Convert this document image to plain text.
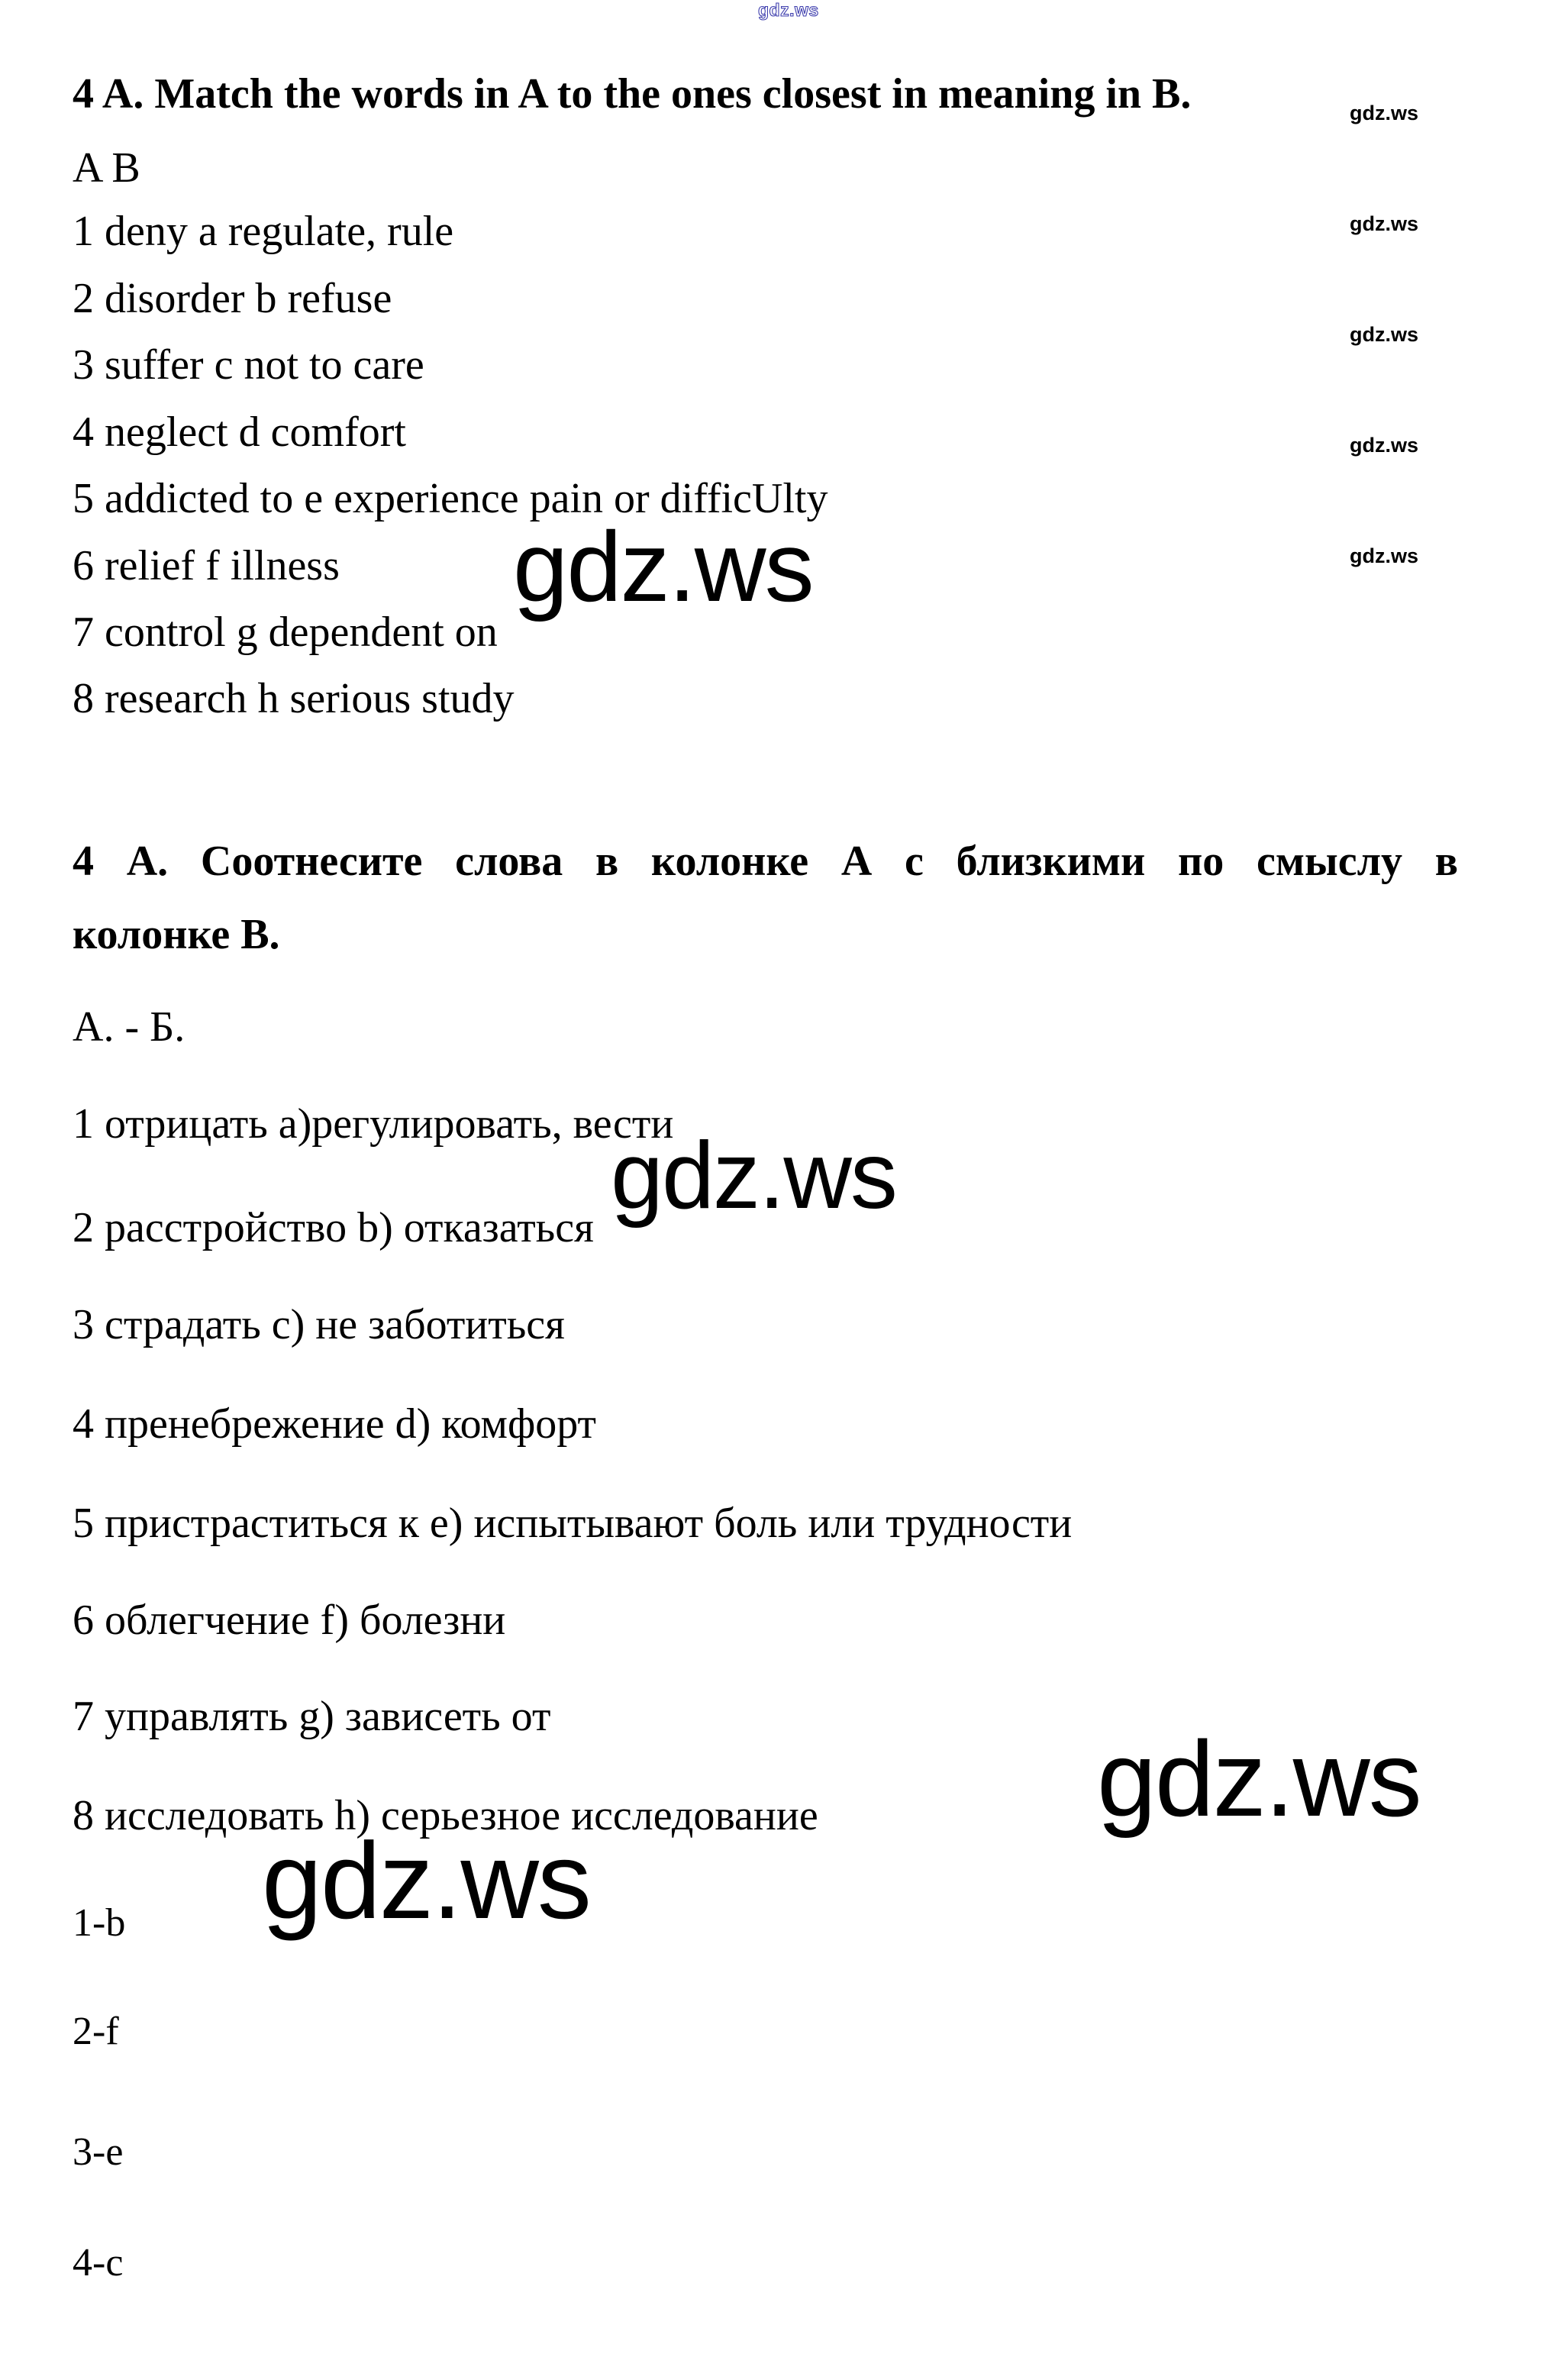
gdz.ws
gdz.ws
gdz.ws
gdz.ws
gdz.ws
gdz.ws
gdz.ws
gdz.ws
gdz.ws
gdz.ws
4 A. Match the words in A to the ones closest in meaning in B.
A B
1 deny a regulate, rule
2 disorder b refuse
3 suffer c not to care
4 neglect d comfort
5 addicted to e experience pain or difficUlty
6 relief f illness
7 control g dependent on
8 research h serious study
4 А. Соотнесите слова в колонке А с близкими по смыслу в
колонке В.
А. - Б.
1 отрицать а)регулировать, вести
2 расстройство b) отказаться
3 страдать c) не заботиться
4 пренебрежение d) комфорт
5 пристраститься к e) испытывают боль или трудности
6 облегчение f) болезни
7 управлять g) зависеть от
8 исследовать h) серьезное исследование
1-b
2-f
3-e
4-c
